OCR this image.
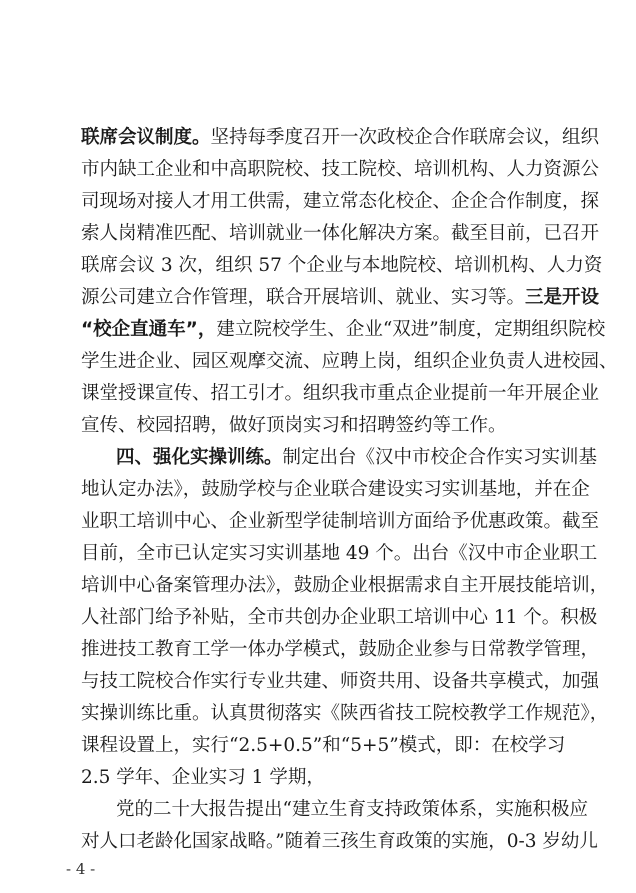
联席会议制度。坚持每季度召开一次政校企合作联席会议，组织
市内缺工企业和中高职院校、技工院校、培训机构、人力资源公
司现场对接人才用工供需，建立常态化校企、企企合作制度，探
索人岗精准匹配、培训就业一体化解决方案。截至目前，已召开
联席会议 3 次，组织 57 个企业与本地院校、培训机构、人力资
源公司建立合作管理，联合开展培训、就业、实习等。三是开设
“校企直通车”，建立院校学生、企业“双进”制度，定期组织院校
学生进企业、园区观摩交流、应聘上岗，组织企业负责人进校园、
课堂授课宣传、招工引才。组织我市重点企业提前一年开展企业
宣传、校园招聘，做好顶岗实习和招聘签约等工作。
四、强化实操训练。制定出台《汉中市校企合作实习实训基
地认定办法》，鼓励学校与企业联合建设实习实训基地，并在企
业职工培训中心、企业新型学徒制培训方面给予优惠政策。截至
目前，全市已认定实习实训基地 49 个。出台《汉中市企业职工
培训中心备案管理办法》，鼓励企业根据需求自主开展技能培训，
人社部门给予补贴，全市共创办企业职工培训中心 11 个。积极
推进技工教育工学一体办学模式，鼓励企业参与日常教学管理，
与技工院校合作实行专业共建、师资共用、设备共享模式，加强
实操训练比重。认真贯彻落实《陕西省技工院校教学工作规范》，
课程设置上，实行“2.5+0.5”和“5+5”模式，即：在校学习
2.5 学年、企业实习 1 学期，
党的二十大报告提出“建立生育支持政策体系，实施积极应
对人口老龄化国家战略。”随着三孩生育政策的实施，0-3 岁幼儿
- 4 -
